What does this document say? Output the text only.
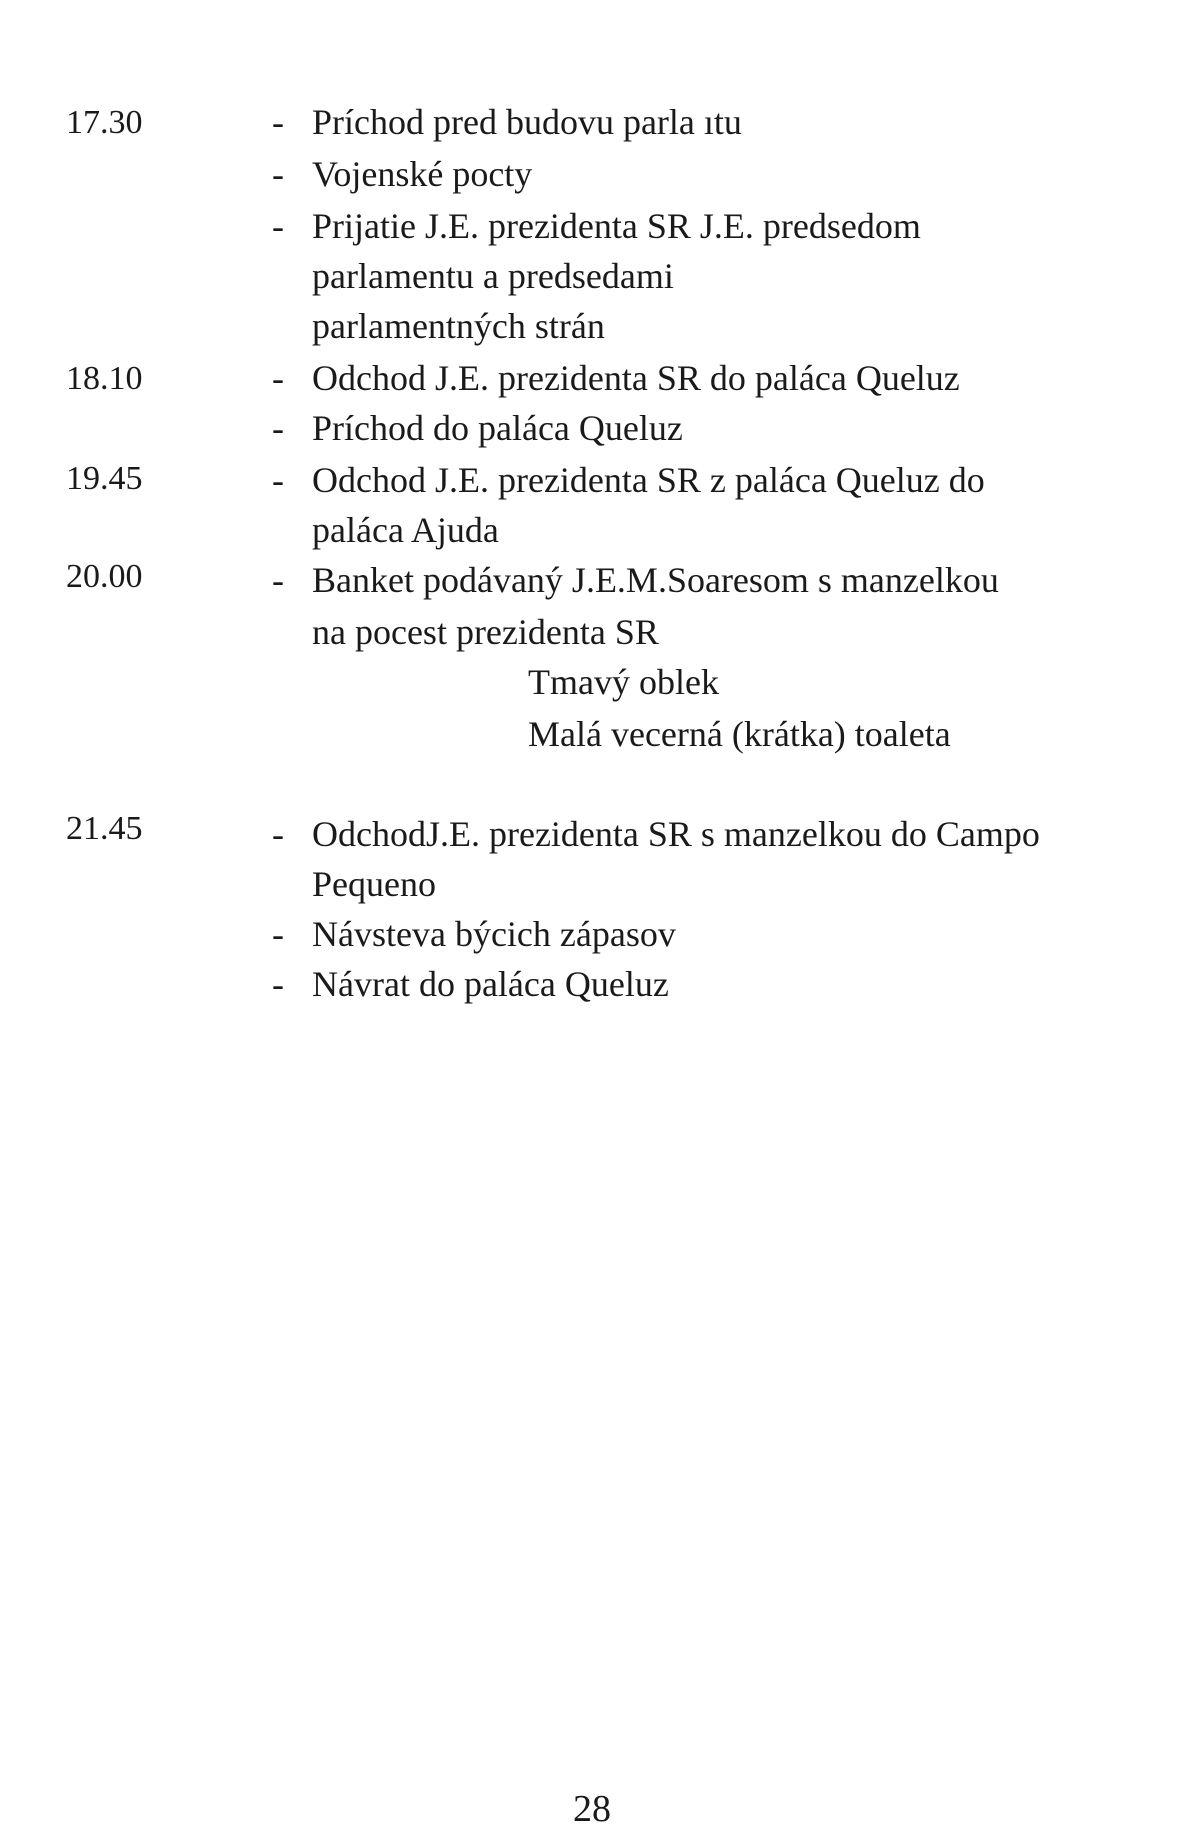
17.30	- Príchod pred budovu parla ıtu
- Vojenské pocty
- Prijatie J.E. prezidenta SR J.E. predsedom
parlamentu a predsedami
parlamentných strán
18.10	- Odchod J.E. prezidenta SR do paláca Queluz
- Príchod do paláca Queluz
19.45	- Odchod J.E. prezidenta SR z paláca Queluz do
paláca Ajuda
20.00	- Banket podávaný J.E.M.Soaresom s manzelkou
na pocest prezidenta SR
Tmavý oblek
Malá vecerná (krátka) toaleta
21.45	- OdchodJ.E. prezidenta SR s manzelkou do Campo
Pequeno
- Návsteva býcich zápasov
- Návrat do paláca Queluz
28
